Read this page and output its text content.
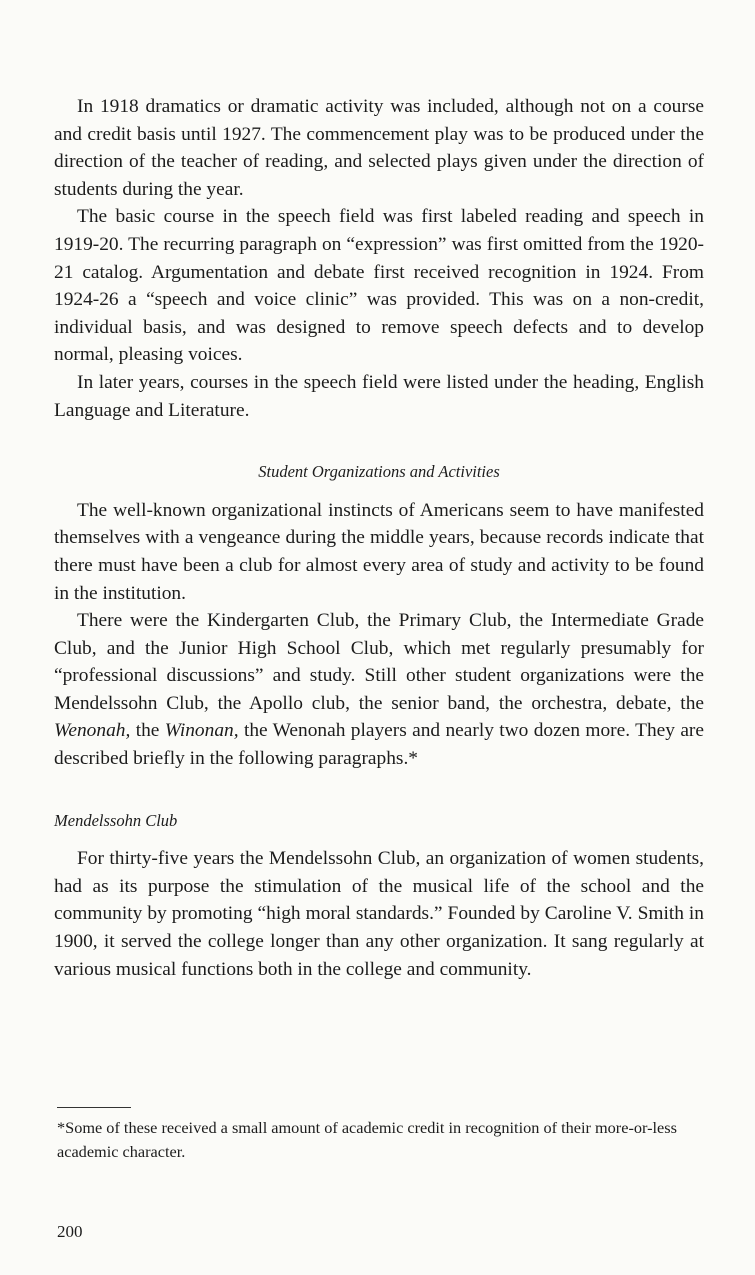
In 1918 dramatics or dramatic activity was included, although not on a course and credit basis until 1927. The commencement play was to be produced under the direction of the teacher of reading, and selected plays given under the direction of students during the year.

The basic course in the speech field was first labeled reading and speech in 1919-20. The recurring paragraph on “expression” was first omitted from the 1920-21 catalog. Argumentation and debate first received recognition in 1924. From 1924-26 a “speech and voice clinic” was provided. This was on a non-credit, individual basis, and was designed to remove speech defects and to develop normal, pleasing voices.

In later years, courses in the speech field were listed under the heading, English Language and Literature.

Student Organizations and Activities

The well-known organizational instincts of Americans seem to have manifested themselves with a vengeance during the middle years, because records indicate that there must have been a club for almost every area of study and activity to be found in the institution.

There were the Kindergarten Club, the Primary Club, the Intermediate Grade Club, and the Junior High School Club, which met regularly presumably for “professional discussions” and study. Still other student organizations were the Mendelssohn Club, the Apollo club, the senior band, the orchestra, debate, the Wenonah, the Winonan, the Wenonah players and nearly two dozen more. They are described briefly in the following paragraphs.*

Mendelssohn Club

For thirty-five years the Mendelssohn Club, an organization of women students, had as its purpose the stimulation of the musical life of the school and the community by promoting “high moral standards.” Founded by Caroline V. Smith in 1900, it served the college longer than any other organization. It sang regularly at various musical functions both in the college and community.

*Some of these received a small amount of academic credit in recognition of their more-or-less academic character.

200
